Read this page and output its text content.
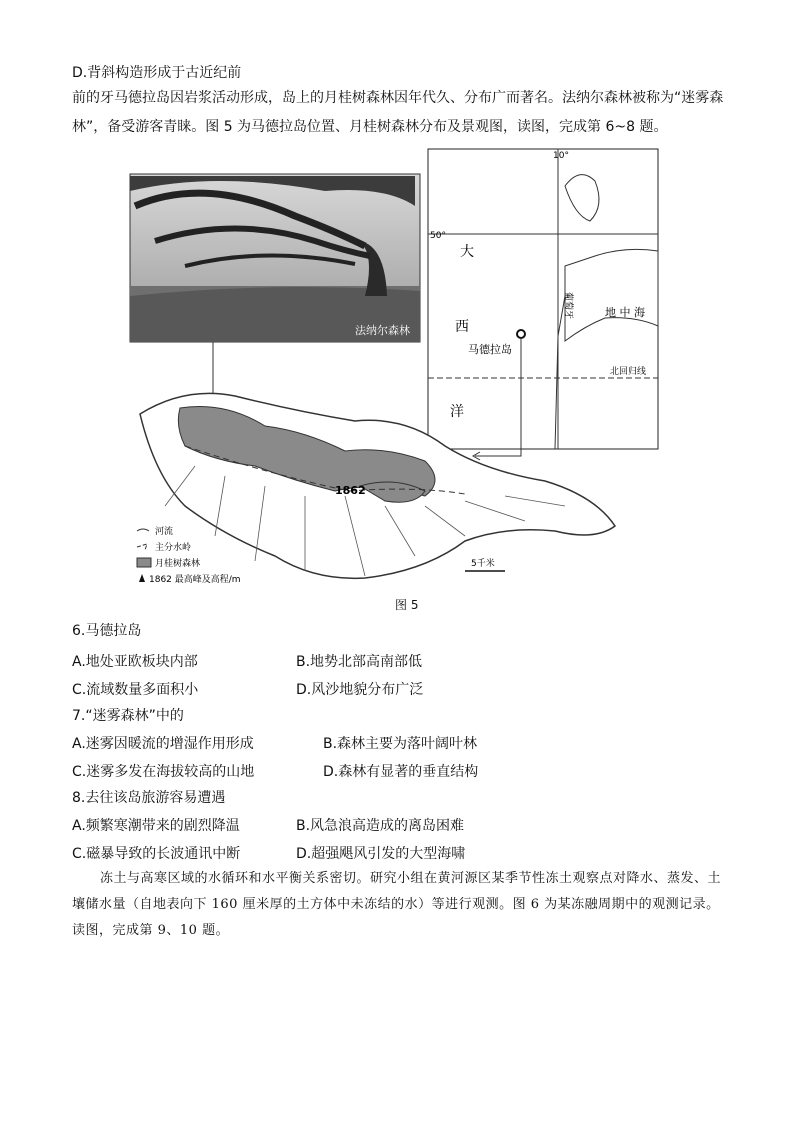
D.背斜构造形成于古近纪前
前的牙马德拉岛因岩浆活动形成，岛上的月桂树森林因年代久、分布广而著名。法纳尔森林被称为“迷雾森林”，备受游客青睐。图 5 为马德拉岛位置、月桂树森林分布及景观图，读图，完成第 6~8 题。
法纳尔森林
10°
50°
大
西
洋
葡萄牙	地 中 海
马德拉岛
北回归线
1862
5千米
河流
主分水岭
月桂树森林
1862 最高峰及高程/m
图 5
6.马德拉岛
A.地处亚欧板块内部	B.地势北部高南部低
C.流域数量多面积小	D.风沙地貌分布广泛
7.“迷雾森林”中的
A.迷雾因暖流的增湿作用形成	B.森林主要为落叶阔叶林
C.迷雾多发在海拔较高的山地	D.森林有显著的垂直结构
8.去往该岛旅游容易遭遇
A.频繁寒潮带来的剧烈降温	B.风急浪高造成的离岛困难
C.磁暴导致的长波通讯中断	D.超强飓风引发的大型海啸
冻土与高寒区域的水循环和水平衡关系密切。研究小组在黄河源区某季节性冻土观察点对降水、蒸发、土壤储水量（自地表向下 160 厘米厚的土方体中未冻结的水）等进行观测。图 6 为某冻融周期中的观测记录。读图，完成第 9、10 题。
